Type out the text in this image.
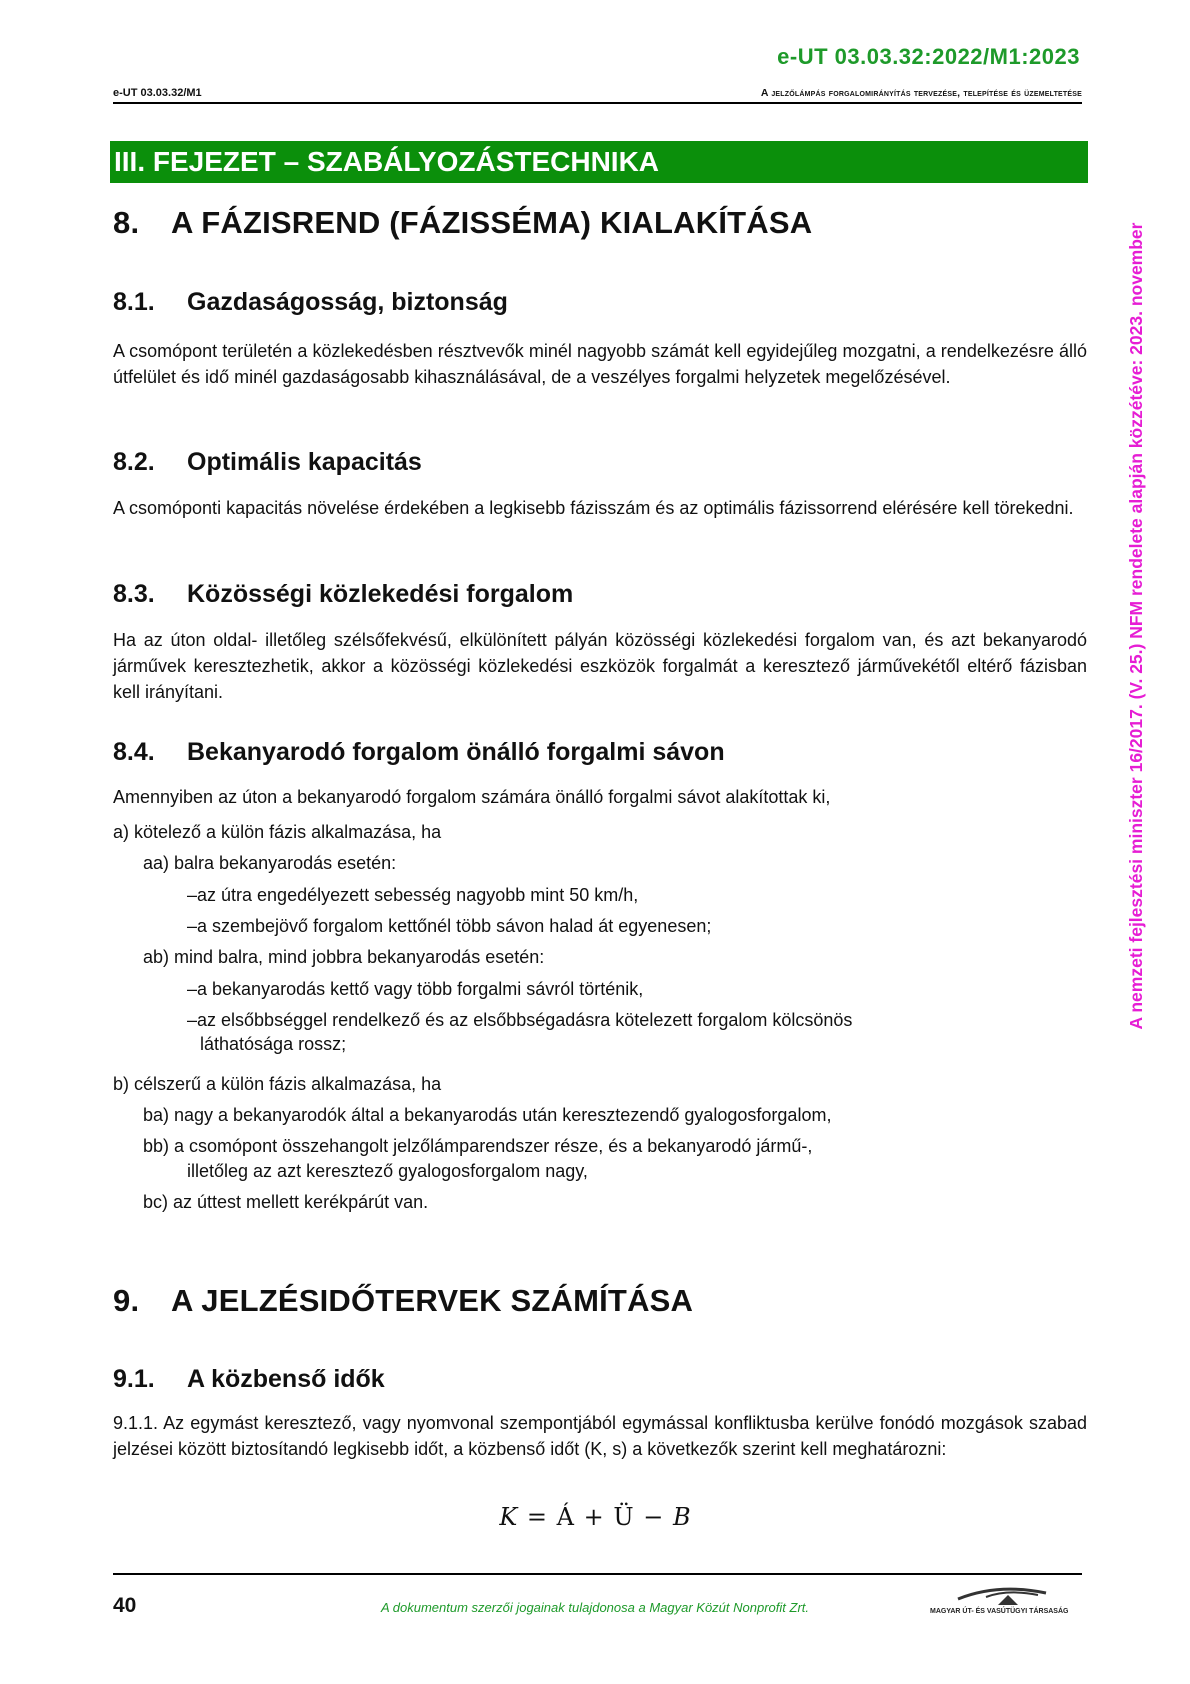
e-UT 03.03.32:2022/M1:2023
e-UT 03.03.32/M1	A jelzőlámpás forgalomirányítás tervezése, telepítése és üzemeltetése
III. FEJEZET – SZABÁLYOZÁSTECHNIKA
8. A FÁZISREND (FÁZISSÉMA) KIALAKÍTÁSA
8.1. Gazdaságosság, biztonság

A csomópont területén a közlekedésben résztvevők minél nagyobb számát kell egyidejűleg mozgatni, a rendelkezésre álló útfelület és idő minél gazdaságosabb kihasználásával, de a veszélyes forgalmi helyzetek megelőzésével.

8.2. Optimális kapacitás

A csomóponti kapacitás növelése érdekében a legkisebb fázisszám és az optimális fázissorrend elérésére kell törekedni.

8.3. Közösségi közlekedési forgalom

Ha az úton oldal- illetőleg szélsőfekvésű, elkülönített pályán közösségi közlekedési forgalom van, és azt bekanyarodó járművek keresztezhetik, akkor a közösségi közlekedési eszközök forgalmát a keresztező járművekétől eltérő fázisban kell irányítani.

8.4. Bekanyarodó forgalom önálló forgalmi sávon
Amennyiben az úton a bekanyarodó forgalom számára önálló forgalmi sávot alakítottak ki,
a) kötelező a külön fázis alkalmazása, ha
aa) balra bekanyarodás esetén:
–az útra engedélyezett sebesség nagyobb mint 50 km/h,
–a szembejövő forgalom kettőnél több sávon halad át egyenesen;
ab) mind balra, mind jobbra bekanyarodás esetén:
–a bekanyarodás kettő vagy több forgalmi sávról történik,
–az elsőbbséggel rendelkező és az elsőbbségadásra kötelezett forgalom kölcsönös
láthatósága rossz;
b) célszerű a külön fázis alkalmazása, ha
ba) nagy a bekanyarodók által a bekanyarodás után keresztezendő gyalogosforgalom,
bb) a csomópont összehangolt jelzőlámparendszer része, és a bekanyarodó jármű-,
illetőleg az azt keresztező gyalogosforgalom nagy,
bc) az úttest mellett kerékpárút van.
9. A JELZÉSIDŐTERVEK SZÁMÍTÁSA
9.1. A közbenső idők

9.1.1. Az egymást keresztező, vagy nyomvonal szempontjából egymással konfliktusba kerülve fonódó mozgások szabad jelzései között biztosítandó legkisebb időt, a közbenső időt (K, s) a következők szerint kell meghatározni:

K = Á + Ü − B
40	A dokumentum szerzői jogainak tulajdonosa a Magyar Közút Nonprofit Zrt.	MAGYAR ÚT- ÉS VASÚTÜGYI TÁRSASÁG
A nemzeti fejlesztési miniszter 16/2017. (V. 25.) NFM rendelete alapján közzétéve: 2023. november
